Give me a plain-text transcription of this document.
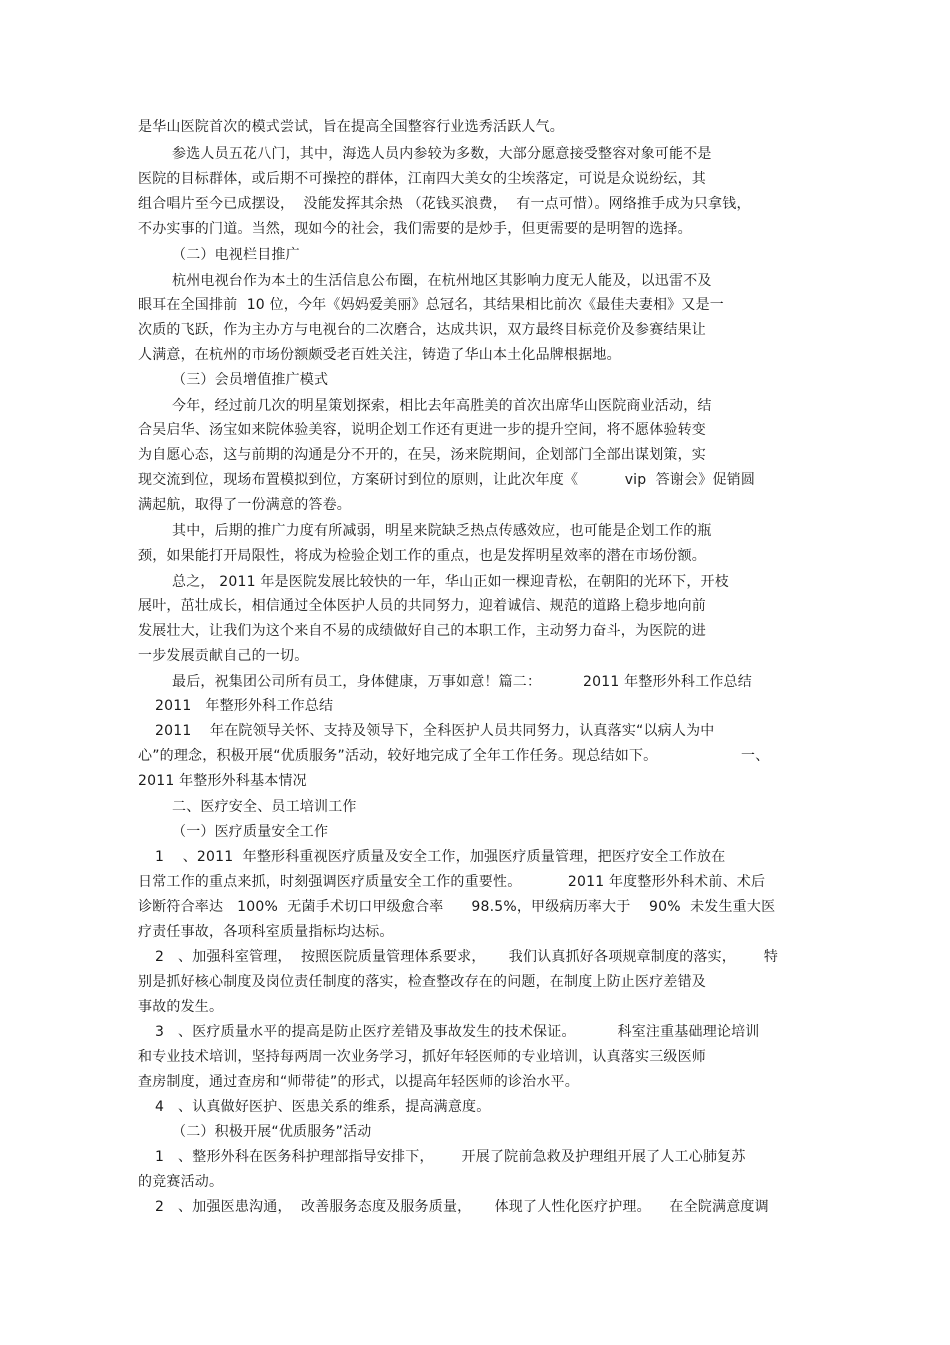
是华山医院首次的模式尝试，旨在提高全国整容行业选秀活跃人气。
参选人员五花八门，其中，海选人员内参较为多数，大部分愿意接受整容对象可能不是
医院的目标群体，或后期不可操控的群体，江南四大美女的尘埃落定，可说是众说纷纭，其
组合唱片至今已成摆设，  没能发挥其余热 （花钱买浪费，  有一点可惜）。网络推手成为只拿钱，
不办实事的门道。当然，现如今的社会，我们需要的是炒手，但更需要的是明智的选择。
（二）电视栏目推广
杭州电视台作为本土的生活信息公布圈，在杭州地区其影响力度无人能及，以迅雷不及
眼耳在全国排前  10 位，今年《妈妈爱美丽》总冠名，其结果相比前次《最佳夫妻相》又是一
次质的飞跃，作为主办方与电视台的二次磨合，达成共识，双方最终目标竞价及参赛结果让
人满意，在杭州的市场份额颇受老百姓关注，铸造了华山本土化品牌根据地。
（三）会员增值推广模式
今年，经过前几次的明星策划探索，相比去年高胜美的首次出席华山医院商业活动，结
合吴启华、汤宝如来院体验美容，说明企划工作还有更进一步的提升空间，将不愿体验转变
为自愿心态，这与前期的沟通是分不开的，在吴，汤来院期间，企划部门全部出谋划策，实
现交流到位，现场布置模拟到位，方案研讨到位的原则，让此次年度《          vip  答谢会》促销圆
满起航，取得了一份满意的答卷。
其中，后期的推广力度有所减弱，明星来院缺乏热点传感效应，也可能是企划工作的瓶
颈，如果能打开局限性，将成为检验企划工作的重点，也是发挥明星效率的潜在市场份额。
总之， 2011 年是医院发展比较快的一年，华山正如一棵迎青松，在朝阳的光环下，开枝
展叶，茁壮成长，相信通过全体医护人员的共同努力，迎着诚信、规范的道路上稳步地向前
发展壮大，让我们为这个来自不易的成绩做好自己的本职工作，主动努力奋斗，为医院的进
一步发展贡献自己的一切。
最后，祝集团公司所有员工，身体健康，万事如意！篇二：         2011 年整形外科工作总结
2011   年整形外科工作总结
2011    年在院领导关怀、支持及领导下，全科医护人员共同努力，认真落实“以病人为中
心”的理念，积极开展“优质服务”活动，较好地完成了全年工作任务。现总结如下。                  一、
2011 年整形外科基本情况
二、医疗安全、员工培训工作
（一）医疗质量安全工作
1    、2011  年整形科重视医疗质量及安全工作，加强医疗质量管理，把医疗安全工作放在
日常工作的重点来抓，时刻强调医疗质量安全工作的重要性。          2011 年度整形外科术前、术后
诊断符合率达   100%  无菌手术切口甲级愈合率      98.5%，甲级病历率大于    90%  未发生重大医
疗责任事故，各项科室质量指标均达标。
2   、加强科室管理，  按照医院质量管理体系要求，     我们认真抓好各项规章制度的落实，      特
别是抓好核心制度及岗位责任制度的落实，检查整改存在的问题，在制度上防止医疗差错及
事故的发生。
3   、医疗质量水平的提高是防止医疗差错及事故发生的技术保证。         科室注重基础理论培训
和专业技术培训，坚持每两周一次业务学习，抓好年轻医师的专业培训，认真落实三级医师
查房制度，通过查房和“师带徒”的形式，以提高年轻医师的诊治水平。
4   、认真做好医护、医患关系的维系，提高满意度。
（二）积极开展“优质服务”活动
1   、整形外科在医务科护理部指导安排下，      开展了院前急救及护理组开展了人工心肺复苏
的竞赛活动。
2   、加强医患沟通，  改善服务态度及服务质量，     体现了人性化医疗护理。    在全院满意度调
